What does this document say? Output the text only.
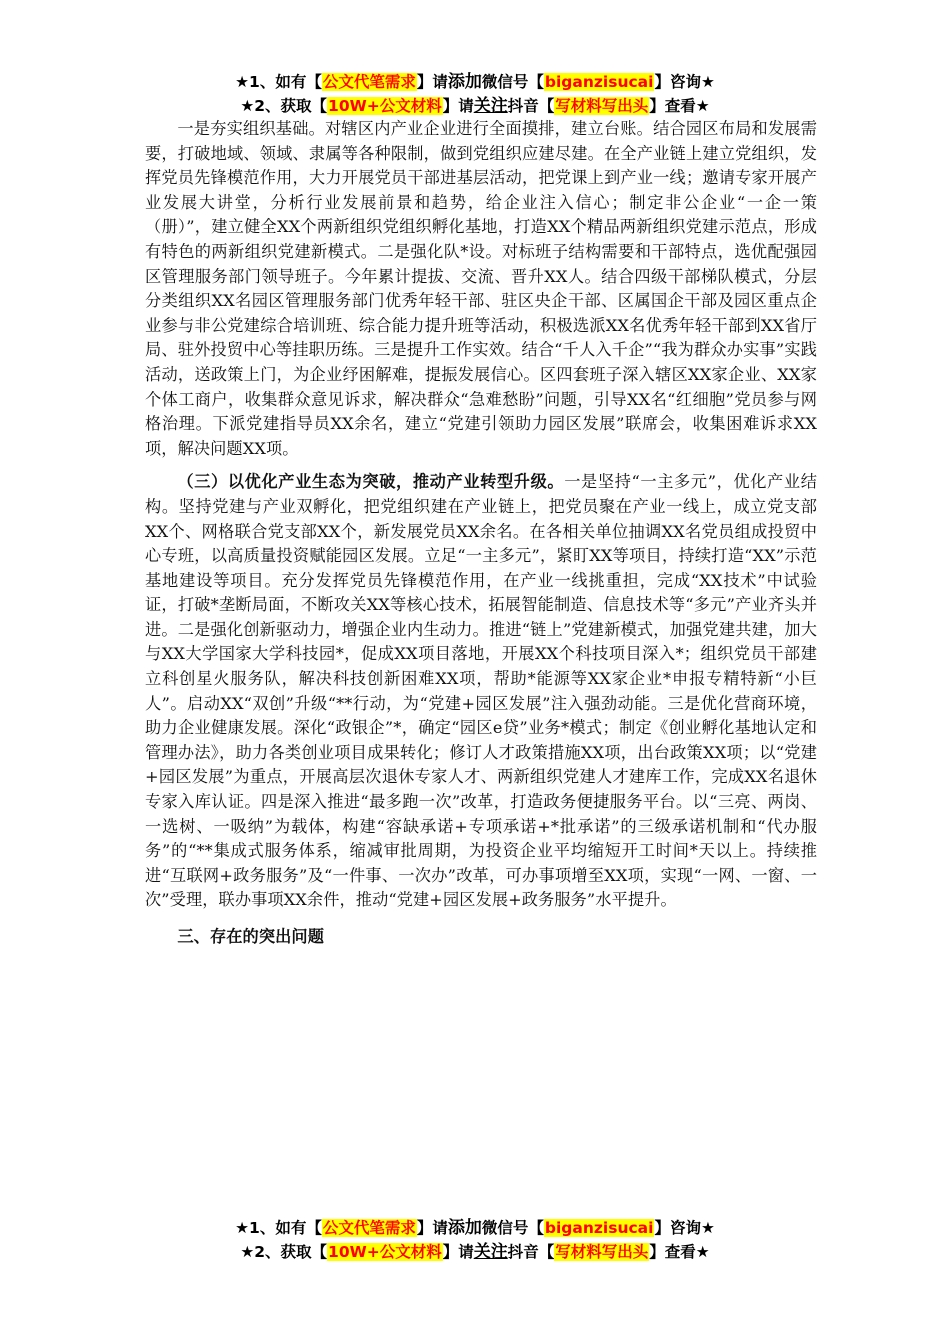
★1、如有【公文代笔需求】请添加微信号【biganzisucai】咨询★
★2、获取【10W+公文材料】请关注抖音【写材料写出头】查看★

一是夯实组织基础。对辖区内产业企业进行全面摸排，建立台账。结合园区布局和发展需要，打破地域、领域、隶属等各种限制，做到党组织应建尽建。在全产业链上建立党组织，发挥党员先锋模范作用，大力开展党员干部进基层活动，把党课上到产业一线；邀请专家开展产业发展大讲堂，分析行业发展前景和趋势，给企业注入信心；制定非公企业“一企一策（册）”，建立健全XX个两新组织党组织孵化基地，打造XX个精品两新组织党建示范点，形成有特色的两新组织党建新模式。二是强化队*设。对标班子结构需要和干部特点，选优配强园区管理服务部门领导班子。今年累计提拔、交流、晋升XX人。结合四级干部梯队模式，分层分类组织XX名园区管理服务部门优秀年轻干部、驻区央企干部、区属国企干部及园区重点企业参与非公党建综合培训班、综合能力提升班等活动，积极选派XX名优秀年轻干部到XX省厅局、驻外投贸中心等挂职历练。三是提升工作实效。结合“千人入千企”“我为群众办实事”实践活动，送政策上门，为企业纾困解难，提振发展信心。区四套班子深入辖区XX家企业、XX家个体工商户，收集群众意见诉求，解决群众“急难愁盼”问题，引导XX名“红细胞”党员参与网格治理。下派党建指导员XX余名，建立“党建引领助力园区发展”联席会，收集困难诉求XX项，解决问题XX项。

（三）以优化产业生态为突破，推动产业转型升级。一是坚持“一主多元”，优化产业结构。坚持党建与产业双孵化，把党组织建在产业链上，把党员聚在产业一线上，成立党支部XX个、网格联合党支部XX个，新发展党员XX余名。在各相关单位抽调XX名党员组成投贸中心专班，以高质量投资赋能园区发展。立足“一主多元”，紧盯XX等项目，持续打造“XX”示范基地建设等项目。充分发挥党员先锋模范作用，在产业一线挑重担，完成“XX技术”中试验证，打破*垄断局面，不断攻关XX等核心技术，拓展智能制造、信息技术等“多元”产业齐头并进。二是强化创新驱动力，增强企业内生动力。推进“链上”党建新模式，加强党建共建，加大与XX大学国家大学科技园*，促成XX项目落地，开展XX个科技项目深入*；组织党员干部建立科创星火服务队，解决科技创新困难XX项，帮助*能源等XX家企业*申报专精特新“小巨人”。启动XX“双创”升级“**行动，为“党建+园区发展”注入强劲动能。三是优化营商环境，助力企业健康发展。深化“政银企”*，确定“园区e贷”业务*模式；制定《创业孵化基地认定和管理办法》，助力各类创业项目成果转化；修订人才政策措施XX项，出台政策XX项；以“党建+园区发展”为重点，开展高层次退休专家人才、两新组织党建人才建库工作，完成XX名退休专家入库认证。四是深入推进“最多跑一次”改革，打造政务便捷服务平台。以“三亮、两岗、一选树、一吸纳”为载体，构建“容缺承诺+专项承诺+*批承诺”的三级承诺机制和“代办服务”的“**集成式服务体系，缩减审批周期，为投资企业平均缩短开工时间*天以上。持续推进“互联网+政务服务”及“一件事、一次办”改革，可办事项增至XX项，实现“一网、一窗、一次”受理，联办事项XX余件，推动“党建+园区发展+政务服务”水平提升。

三、存在的突出问题

★1、如有【公文代笔需求】请添加微信号【biganzisucai】咨询★
★2、获取【10W+公文材料】请关注抖音【写材料写出头】查看★
